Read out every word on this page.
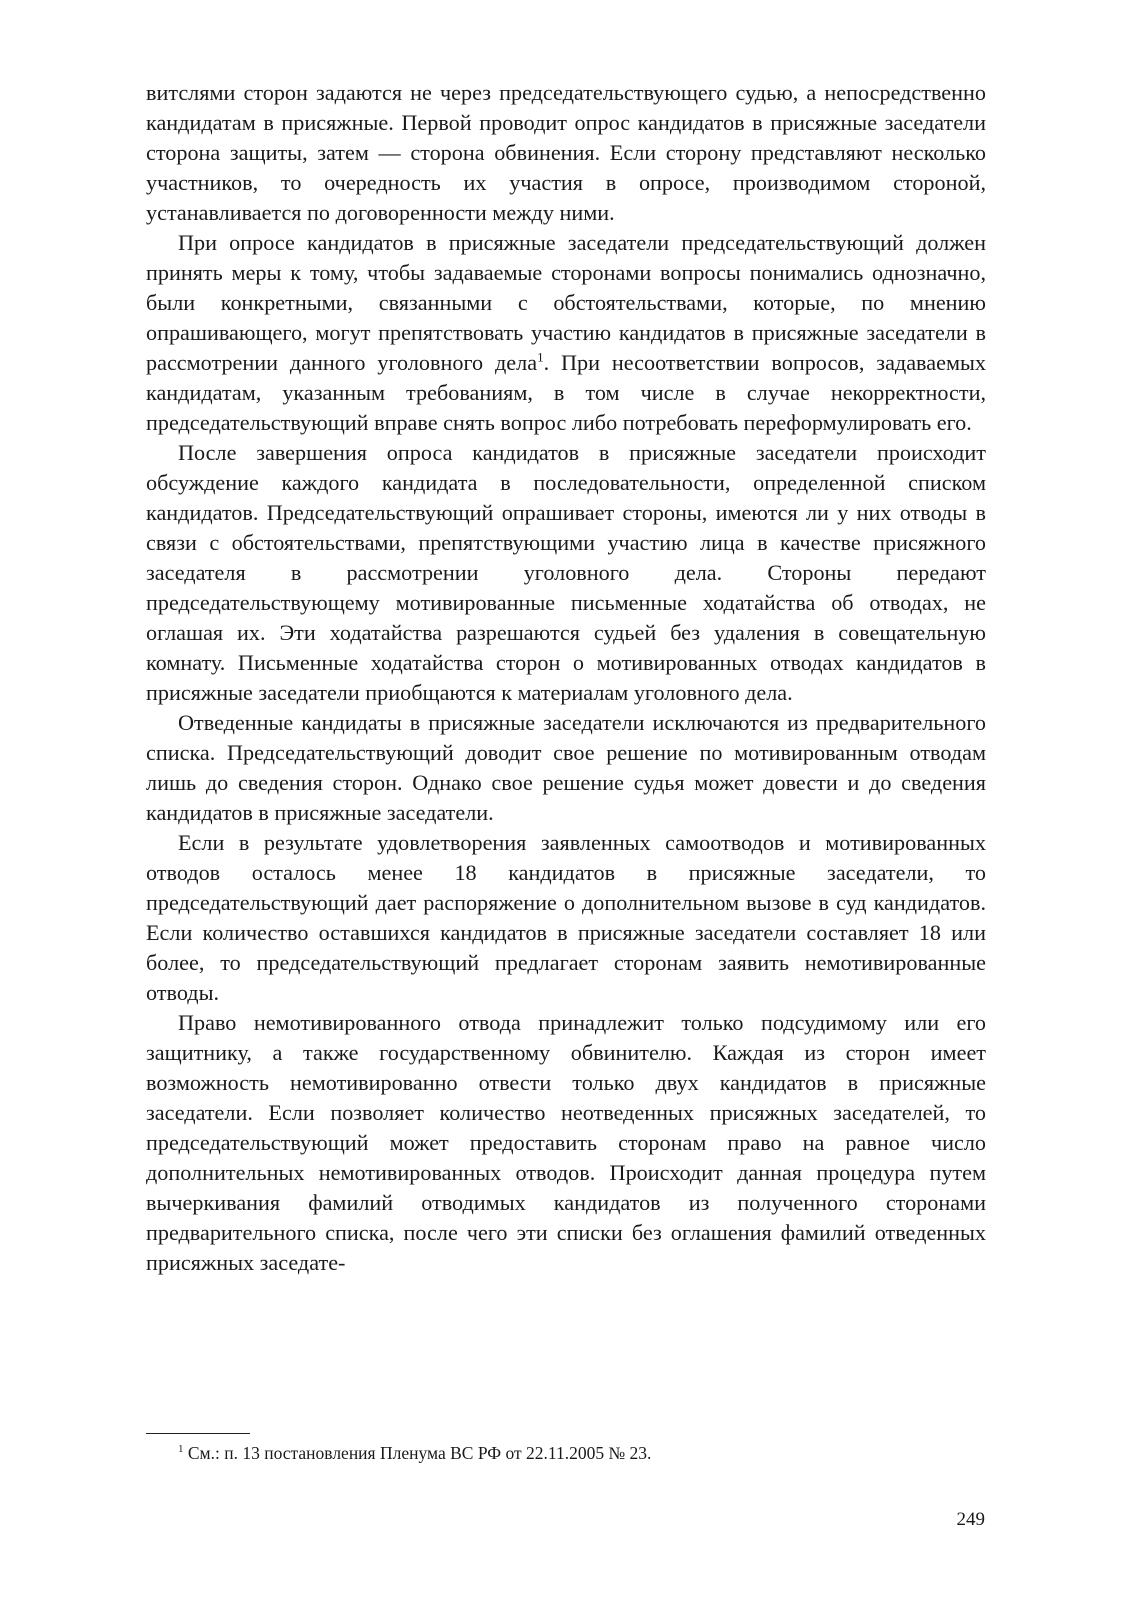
витслями сторон задаются не через председательствующего судью, а непосредственно кандидатам в присяжные. Первой проводит опрос кандидатов в присяжные заседатели сторона защиты, затем — сторона обвинения. Если сторону представляют несколько участников, то очередность их участия в опросе, производимом стороной, устанавливается по договоренности между ними.

При опросе кандидатов в присяжные заседатели председательствующий должен принять меры к тому, чтобы задаваемые сторонами вопросы понимались однозначно, были конкретными, связанными с обстоятельствами, которые, по мнению опрашивающего, могут препятствовать участию кандидатов в присяжные заседатели в рассмотрении данного уголовного дела$^1$. При несоответствии вопросов, задаваемых кандидатам, указанным требованиям, в том числе в случае некорректности, председательствующий вправе снять вопрос либо потребовать переформулировать его.

После завершения опроса кандидатов в присяжные заседатели происходит обсуждение каждого кандидата в последовательности, определенной списком кандидатов. Председательствующий опрашивает стороны, имеются ли у них отводы в связи с обстоятельствами, препятствующими участию лица в качестве присяжного заседателя в рассмотрении уголовного дела. Стороны передают председательствующему мотивированные письменные ходатайства об отводах, не оглашая их. Эти ходатайства разрешаются судьей без удаления в совещательную комнату. Письменные ходатайства сторон о мотивированных отводах кандидатов в присяжные заседатели приобщаются к материалам уголовного дела.

Отведенные кандидаты в присяжные заседатели исключаются из предварительного списка. Председательствующий доводит свое решение по мотивированным отводам лишь до сведения сторон. Однако свое решение судья может довести и до сведения кандидатов в присяжные заседатели.

Если в результате удовлетворения заявленных самоотводов и мотивированных отводов осталось менее 18 кандидатов в присяжные заседатели, то председательствующий дает распоряжение о дополнительном вызове в суд кандидатов. Если количество оставшихся кандидатов в присяжные заседатели составляет 18 или более, то председательствующий предлагает сторонам заявить немотивированные отводы.

Право немотивированного отвода принадлежит только подсудимому или его защитнику, а также государственному обвинителю. Каждая из сторон имеет возможность немотивированно отвести только двух кандидатов в присяжные заседатели. Если позволяет количество неотведенных присяжных заседателей, то председательствующий может предоставить сторонам право на равное число дополнительных немотивированных отводов. Происходит данная процедура путем вычеркивания фамилий отводимых кандидатов из полученного сторонами предварительного списка, после чего эти списки без оглашения фамилий отведенных присяжных заседате-

$^1$ См.: п. 13 постановления Пленума ВС РФ от 22.11.2005 № 23.
249
